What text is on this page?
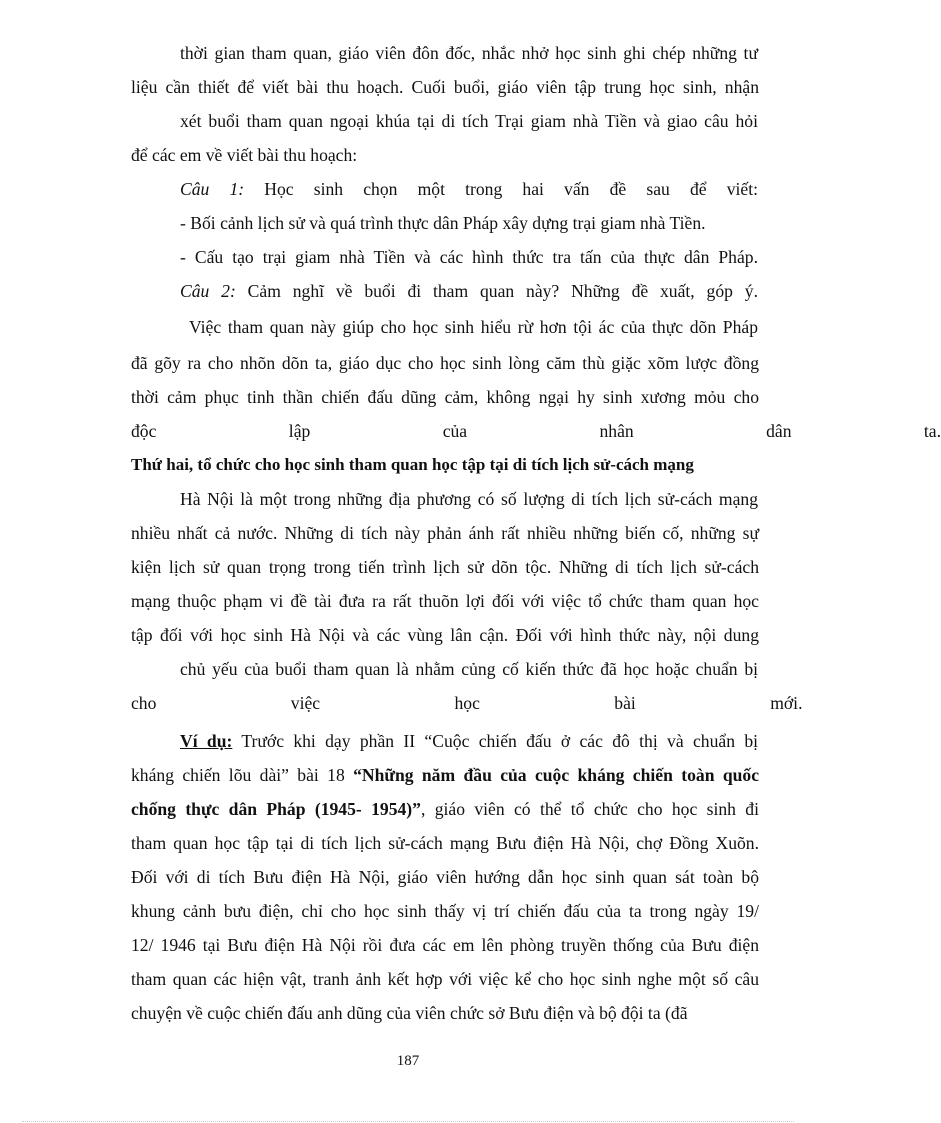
thời gian tham quan, giáo viên đôn đốc, nhắc nhở học sinh ghi chép những tư
liệu cần thiết để viết bài thu hoạch. Cuối buổi, giáo viên tập trung học sinh, nhận
xét buổi tham quan ngoại khúa tại di tích Trại giam nhà Tiền và giao câu hỏi
để các em về viết bài thu hoạch:
Câu 1: Học sinh chọn một trong hai vấn đề sau để viết:
- Bối cảnh lịch sử và quá trình thực dân Pháp xây dựng trại giam nhà Tiền.
- Cấu tạo trại giam nhà Tiền và các hình thức tra tấn của thực dân Pháp.
Câu 2: Cảm nghĩ về buổi đi tham quan này? Những đề xuất, góp ý.
Việc tham quan này giúp cho học sinh hiểu rừ hơn tội ác của thực dõn Pháp
đã gõy ra cho nhõn dõn ta, giáo dục cho học sinh lòng căm thù giặc xõm lược đồng
thời cảm phục tinh thần chiến đấu dũng cảm, không ngại hy sinh xương mỏu cho
độc lập của nhân dân ta.
Thứ hai, tổ chức cho học sinh tham quan học tập tại di tích lịch sử-cách mạng
Hà Nội là một trong những địa phương có số lượng di tích lịch sử-cách mạng
nhiều nhất cả nước. Những di tích này phản ánh rất nhiều những biến cố, những sự
kiện lịch sử quan trọng trong tiến trình lịch sử dõn tộc. Những di tích lịch sử-cách
mạng thuộc phạm vi đề tài đưa ra rất thuõn lợi đối với việc tổ chức tham quan học
tập đối với học sinh Hà Nội và các vùng lân cận. Đối với hình thức này, nội dung
chủ yếu của buổi tham quan là nhằm củng cố kiến thức đã học hoặc chuẩn bị
cho việc học bài mới.
Ví dụ: Trước khi dạy phần II “Cuộc chiến đấu ở các đô thị và chuẩn bị
kháng chiến lõu dài” bài 18 “Những năm đầu của cuộc kháng chiến toàn quốc
chống thực dân Pháp (1945- 1954)”, giáo viên có thể tổ chức cho học sinh đi
tham quan học tập tại di tích lịch sử-cách mạng Bưu điện Hà Nội, chợ Đồng Xuõn.
Đối với di tích Bưu điện Hà Nội, giáo viên hướng dẫn học sinh quan sát toàn bộ
khung cảnh bưu điện, chỉ cho học sinh thấy vị trí chiến đấu của ta trong ngày 19/
12/ 1946 tại Bưu điện Hà Nội rồi đưa các em lên phòng truyền thống của Bưu điện
tham quan các hiện vật, tranh ảnh kết hợp với việc kể cho học sinh nghe một số câu
chuyện về cuộc chiến đấu anh dũng của viên chức sở Bưu điện và bộ đội ta (đã
187
